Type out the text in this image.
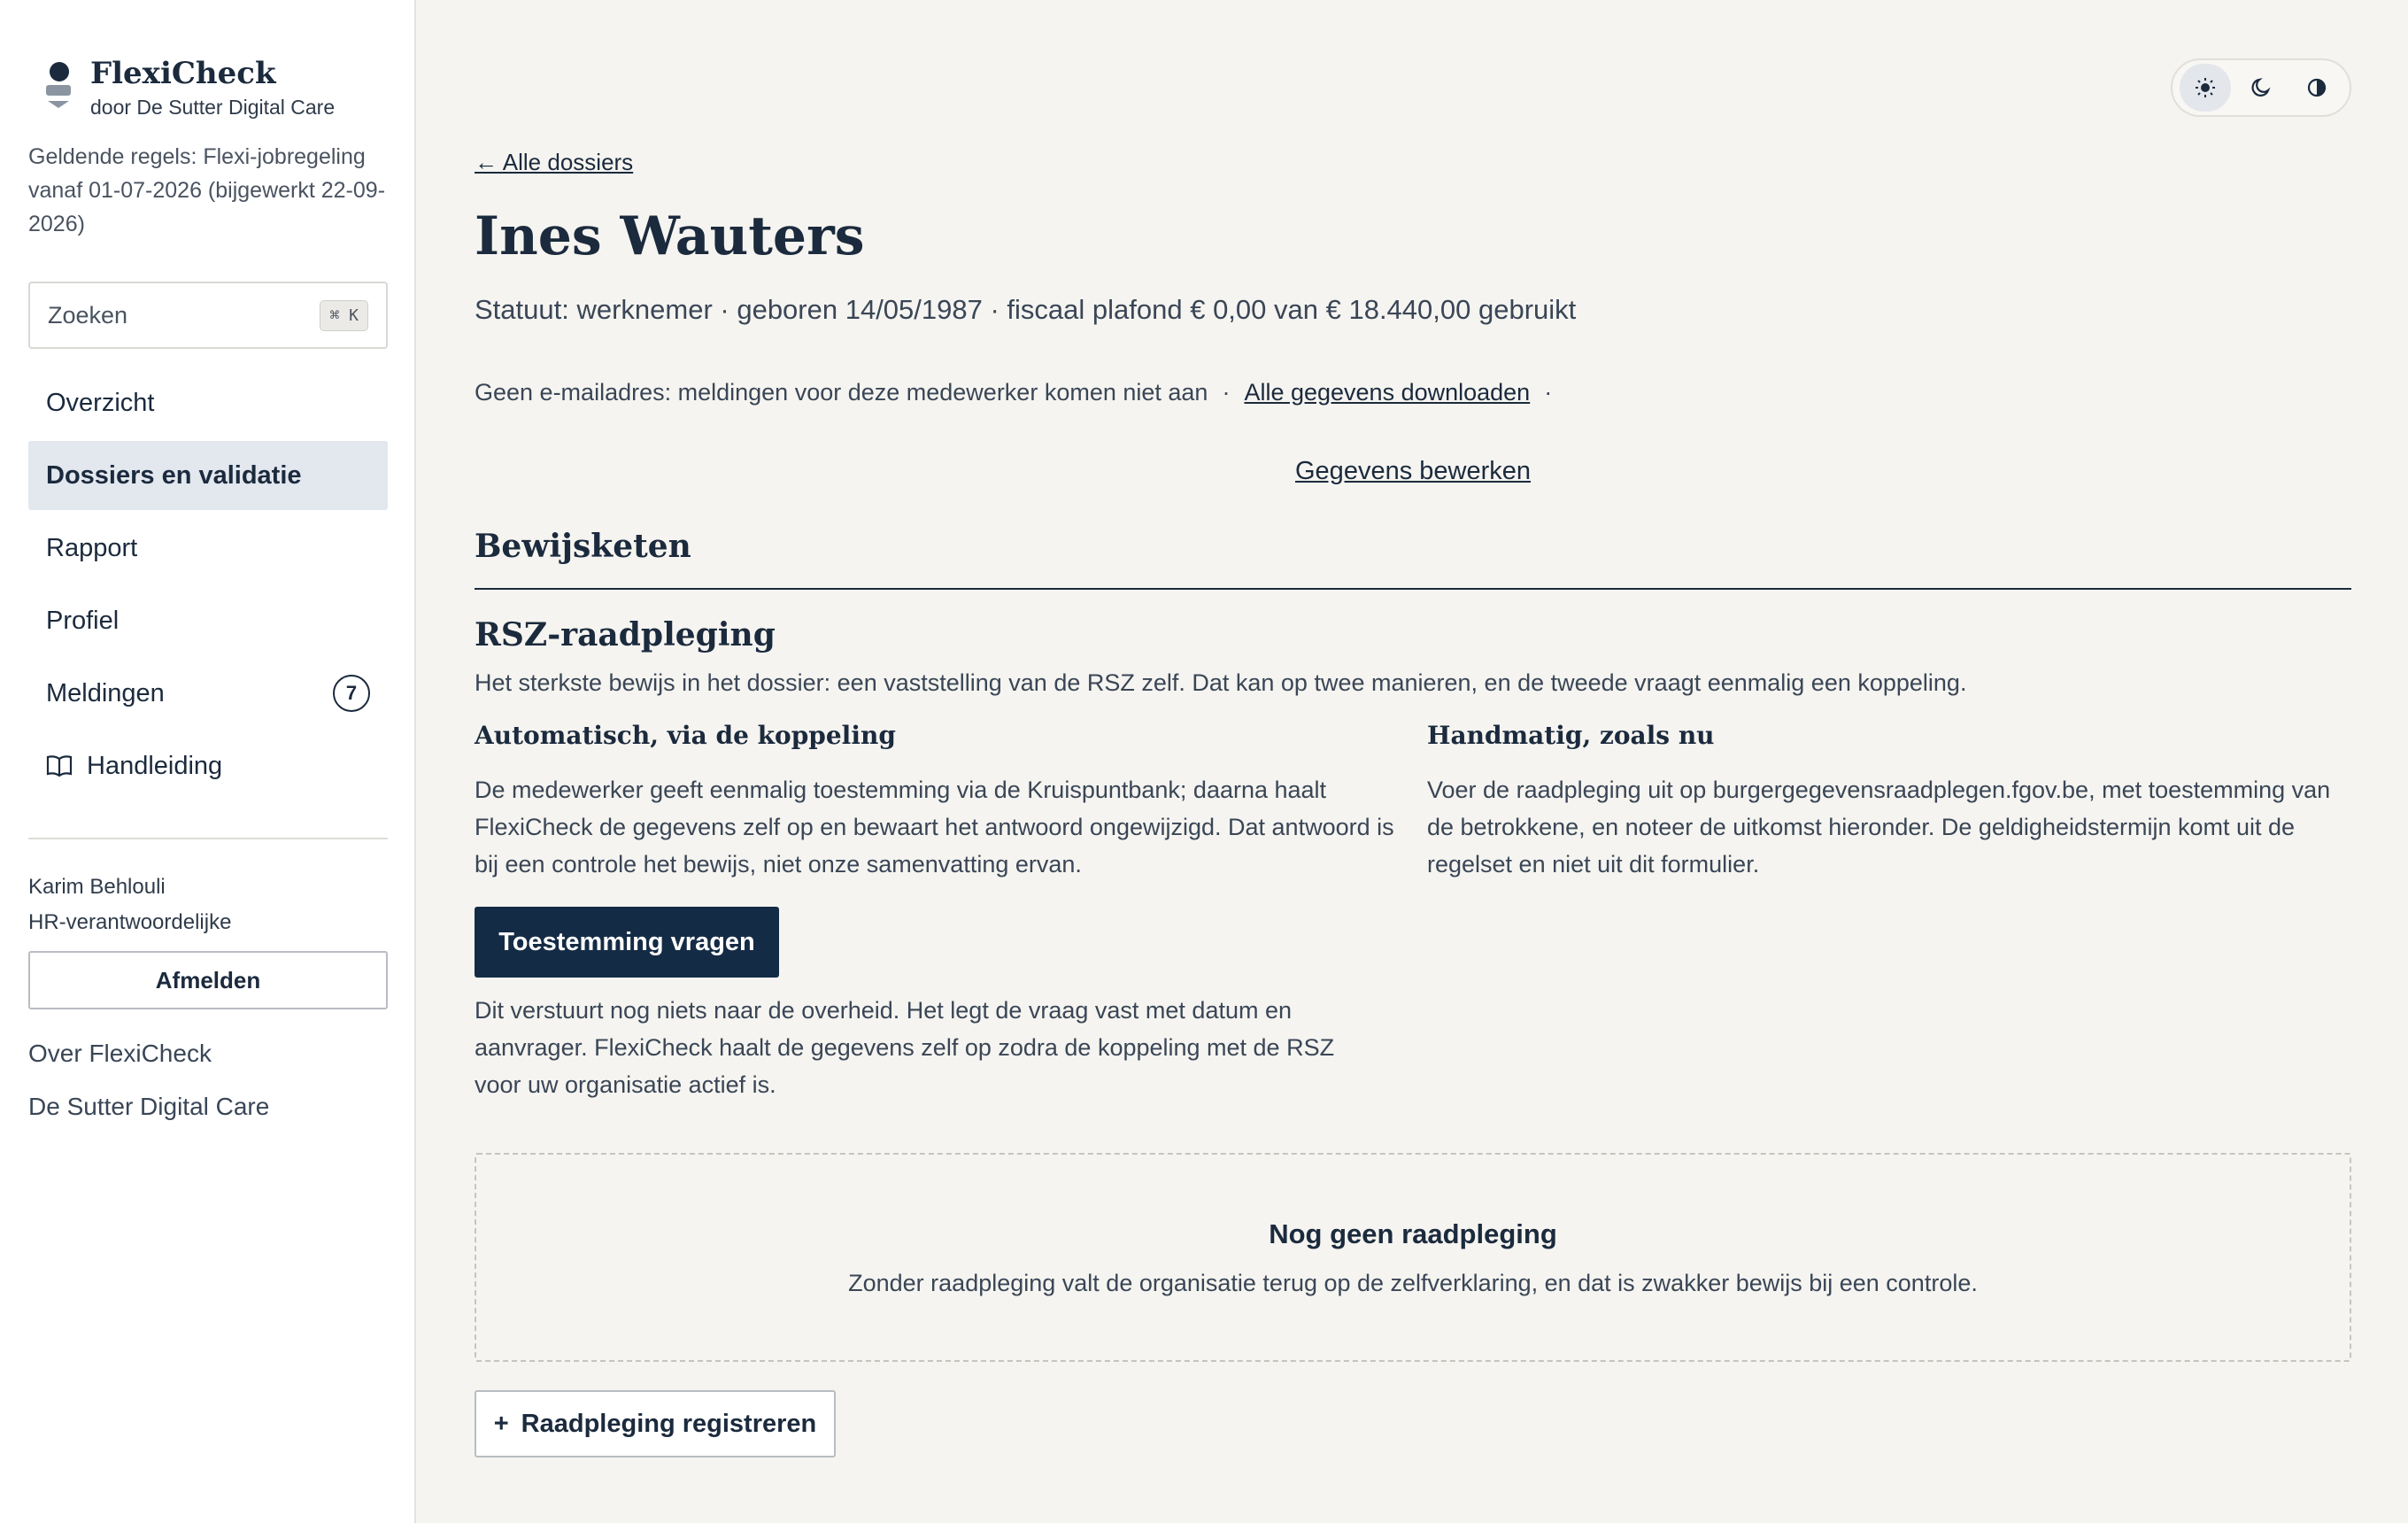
FlexiCheck
door De Sutter Digital Care
Geldende regels: Flexi-jobregeling vanaf 01-07-2026 (bijgewerkt 22-09-2026)
Zoeken	⌘ K
Overzicht
Dossiers en validatie
Rapport
Profiel
Meldingen	7
Handleiding
Karim Behlouli
HR-verantwoordelijke
Afmelden
Over FlexiCheck
De Sutter Digital Care
← Alle dossiers
Ines Wauters
Statuut: werknemer · geboren 14/05/1987 · fiscaal plafond € 0,00 van € 18.440,00 gebruikt
Geen e-mailadres: meldingen voor deze medewerker komen niet aan · Alle gegevens downloaden ·
Gegevens bewerken
Bewijsketen
RSZ-raadpleging

Het sterkste bewijs in het dossier: een vaststelling van de RSZ zelf. Dat kan op twee manieren, en de tweede vraagt eenmalig een koppeling.

Automatisch, via de koppeling

De medewerker geeft eenmalig toestemming via de Kruispuntbank; daarna haalt FlexiCheck de gegevens zelf op en bewaart het antwoord ongewijzigd. Dat antwoord is bij een controle het bewijs, niet onze samenvatting ervan.

Handmatig, zoals nu

Voer de raadpleging uit op burgergegevensraadplegen.fgov.be, met toestemming van de betrokkene, en noteer de uitkomst hieronder. De geldigheidstermijn komt uit de regelset en niet uit dit formulier.

Toestemming vragen

Dit verstuurt nog niets naar de overheid. Het legt de vraag vast met datum en aanvrager. FlexiCheck haalt de gegevens zelf op zodra de koppeling met de RSZ voor uw organisatie actief is.

Nog geen raadpleging
Zonder raadpleging valt de organisatie terug op de zelfverklaring, en dat is zwakker bewijs bij een controle.
+ Raadpleging registreren
